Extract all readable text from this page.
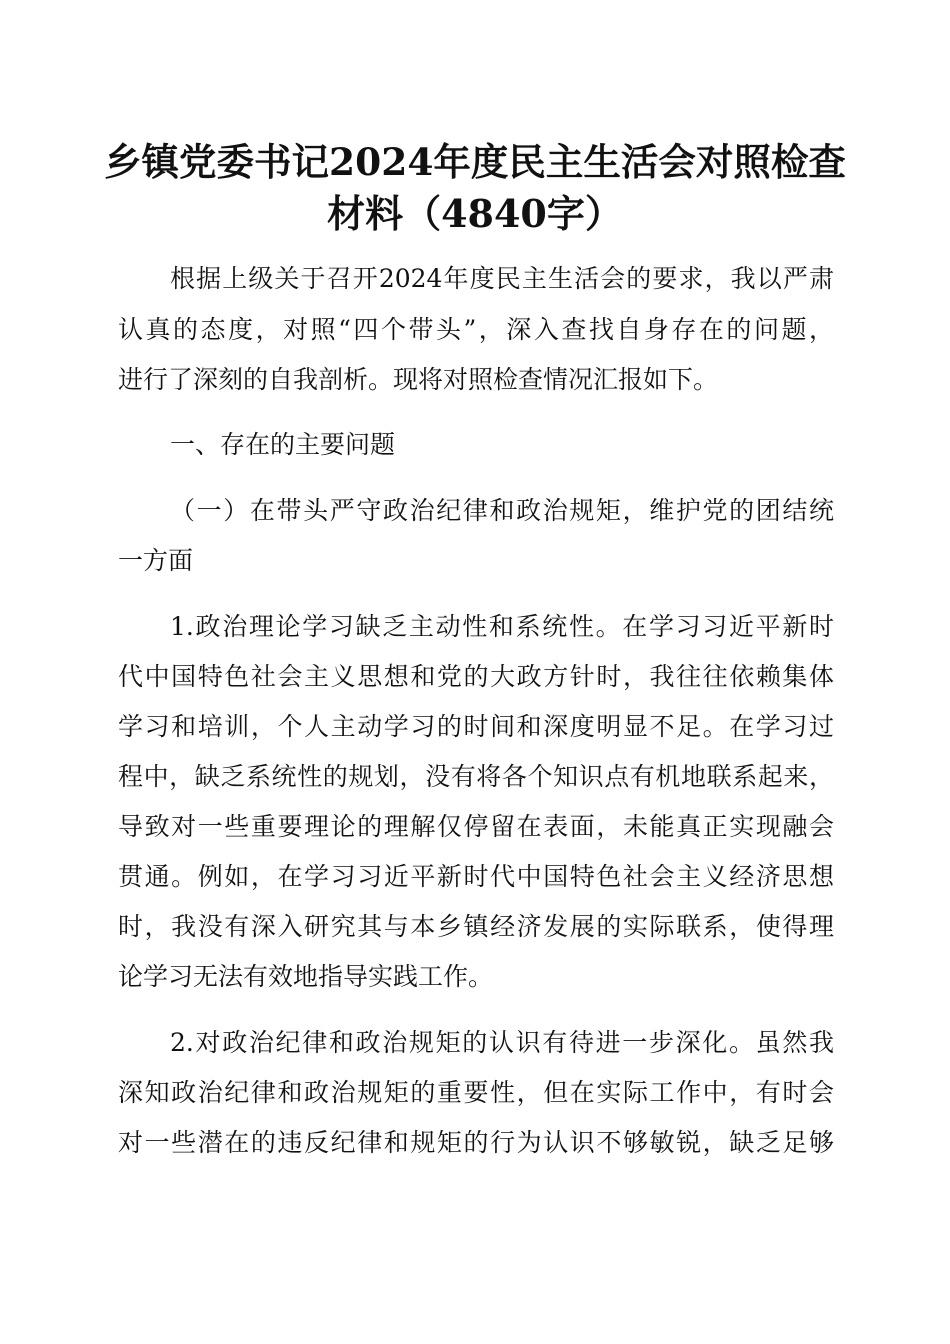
乡镇党委书记2024年度民主生活会对照检查
材料（4840字）

根据上级关于召开2024年度民主生活会的要求，我以严肃

认真的态度，对照“四个带头”，深入查找自身存在的问题，

进行了深刻的自我剖析。现将对照检查情况汇报如下。

一、存在的主要问题

（一）在带头严守政治纪律和政治规矩，维护党的团结统

一方面

1.政治理论学习缺乏主动性和系统性。在学习习近平新时

代中国特色社会主义思想和党的大政方针时，我往往依赖集体

学习和培训，个人主动学习的时间和深度明显不足。在学习过

程中，缺乏系统性的规划，没有将各个知识点有机地联系起来，

导致对一些重要理论的理解仅停留在表面，未能真正实现融会

贯通。例如，在学习习近平新时代中国特色社会主义经济思想

时，我没有深入研究其与本乡镇经济发展的实际联系，使得理

论学习无法有效地指导实践工作。

2.对政治纪律和政治规矩的认识有待进一步深化。虽然我

深知政治纪律和政治规矩的重要性，但在实际工作中，有时会

对一些潜在的违反纪律和规矩的行为认识不够敏锐，缺乏足够
